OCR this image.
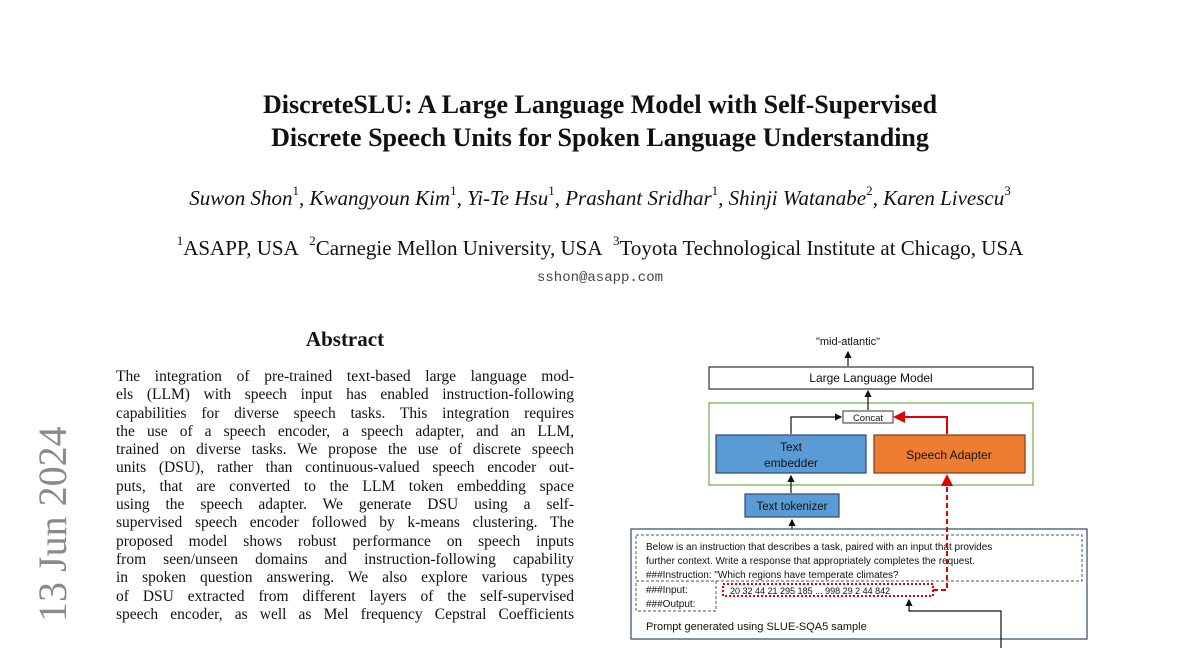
13 Jun 2024
DiscreteSLU: A Large Language Model with Self-Supervised
Discrete Speech Units for Spoken Language Understanding
Suwon Shon$^1$, Kwangyoun Kim$^1$, Yi-Te Hsu$^1$, Prashant Sridhar$^1$, Shinji Watanabe$^2$, Karen Livescu$^3$
$^1$ASAPP, USA $^2$Carnegie Mellon University, USA $^3$Toyota Technological Institute at Chicago, USA
sshon@asapp.com
Abstract
The integration of pre-trained text-based large language mod-
els (LLM) with speech input has enabled instruction-following
capabilities for diverse speech tasks. This integration requires
the use of a speech encoder, a speech adapter, and an LLM,
trained on diverse tasks. We propose the use of discrete speech
units (DSU), rather than continuous-valued speech encoder out-
puts, that are converted to the LLM token embedding space
using the speech adapter. We generate DSU using a self-
supervised speech encoder followed by k-means clustering. The
proposed model shows robust performance on speech inputs
from seen/unseen domains and instruction-following capability
in spoken question answering. We also explore various types
of DSU extracted from different layers of the self-supervised
speech encoder, as well as Mel frequency Cepstral Coefficients
"mid-atlantic"
Large Language Model
Concat
Text
embedder
Speech Adapter
Text tokenizer
Below is an instruction that describes a task, paired with an input that provides
further context. Write a response that appropriately completes the request.
###Instruction: "Which regions have temperate climates?
###Input:
###Output:
20 32 44 21 295 185 ... 998 29 2 44 842
Prompt generated using SLUE-SQA5 sample
